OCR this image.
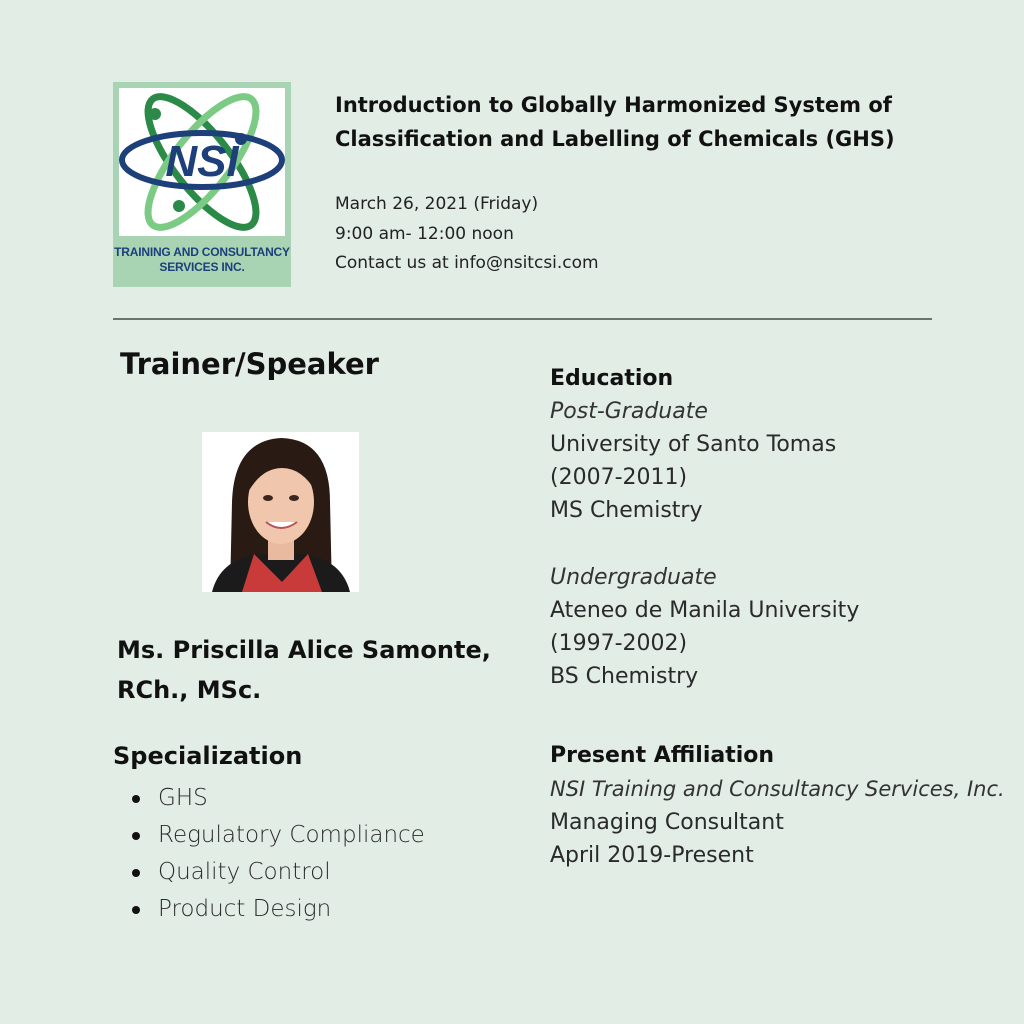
NSI
TRAINING AND CONSULTANCY
SERVICES INC.
Introduction to Globally Harmonized System of
Classification and Labelling of Chemicals (GHS)
March 26, 2021 (Friday)
9:00 am- 12:00 noon
Contact us at info@nsitcsi.com
Trainer/Speaker
Ms. Priscilla Alice Samonte,
RCh., MSc.
Specialization
GHS
Regulatory Compliance
Quality Control
Product Design
Education
Post-Graduate
University of Santo Tomas
(2007-2011)
MS Chemistry
Undergraduate
Ateneo de Manila University
(1997-2002)
BS Chemistry
Present Affiliation
NSI Training and Consultancy Services, Inc.
Managing Consultant
April 2019-Present
